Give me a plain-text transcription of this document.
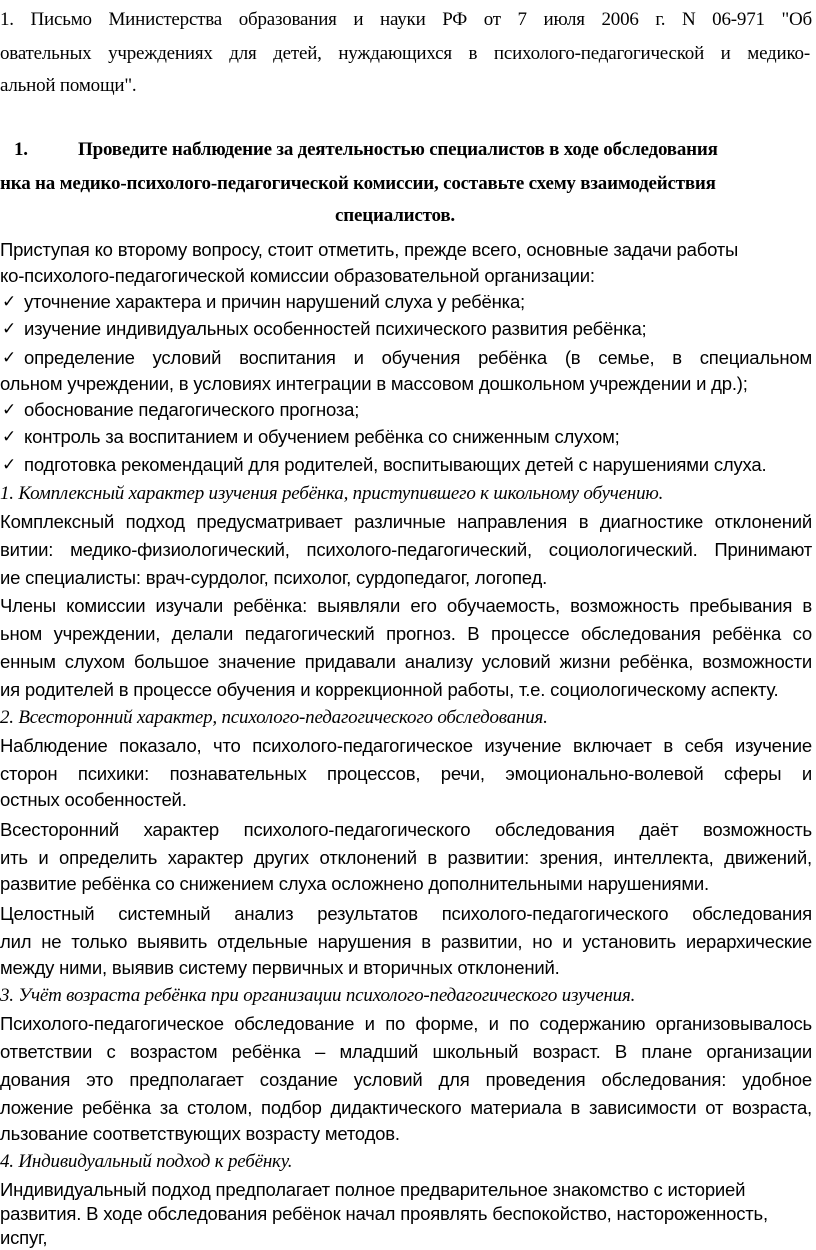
1. Письмо Министерства образования и науки РФ от 7 июля 2006 г. N 06-971 "Об
овательных учреждениях для детей, нуждающихся в психолого-педагогической и медико-
альной помощи".
1.	Проведите наблюдение за деятельностью специалистов в ходе обследования
нка на медико-психолого-педагогической комиссии, составьте схему взаимодействия
специалистов.
Приступая ко второму вопросу, стоит отметить, прежде всего, основные задачи работы
ко-психолого-педагогической комиссии образовательной организации:
✓ уточнение характера и причин нарушений слуха у ребёнка;
✓ изучение индивидуальных особенностей психического развития ребёнка;
✓ определение условий воспитания и обучения ребёнка (в семье, в специальном
ольном учреждении, в условиях интеграции в массовом дошкольном учреждении и др.);
✓ обоснование педагогического прогноза;
✓ контроль за воспитанием и обучением ребёнка со сниженным слухом;
✓ подготовка рекомендаций для родителей, воспитывающих детей с нарушениями слуха.
1. Комплексный характер изучения ребёнка, приступившего к школьному обучению.
Комплексный подход предусматривает различные направления в диагностике отклонений
витии: медико-физиологический, психолого-педагогический, социологический. Принимают
ие специалисты: врач-сурдолог, психолог, сурдопедагог, логопед.
Члены комиссии изучали ребёнка: выявляли его обучаемость, возможность пребывания в
ьном учреждении, делали педагогический прогноз. В процессе обследования ребёнка со
енным слухом большое значение придавали анализу условий жизни ребёнка, возможности
ия родителей в процессе обучения и коррекционной работы, т.е. социологическому аспекту.
2. Всесторонний характер, психолого-педагогического обследования.
Наблюдение показало, что психолого-педагогическое изучение включает в себя изучение
сторон психики: познавательных процессов, речи, эмоционально-волевой сферы и
остных особенностей.
Всесторонний характер психолого-педагогического обследования даёт возможность
ить и определить характер других отклонений в развитии: зрения, интеллекта, движений,
развитие ребёнка со снижением слуха осложнено дополнительными нарушениями.
Целостный системный анализ результатов психолого-педагогического обследования
лил не только выявить отдельные нарушения в развитии, но и установить иерархические
между ними, выявив систему первичных и вторичных отклонений.
3. Учёт возраста ребёнка при организации психолого-педагогического изучения.
Психолого-педагогическое обследование и по форме, и по содержанию организовывалось
ответствии с возрастом ребёнка – младший школьный возраст. В плане организации
дования это предполагает создание условий для проведения обследования: удобное
ложение ребёнка за столом, подбор дидактического материала в зависимости от возраста,
льзование соответствующих возрасту методов.
4. Индивидуальный подход к ребёнку.
Индивидуальный подход предполагает полное предварительное знакомство с историей
развития. В ходе обследования ребёнок начал проявлять беспокойство, настороженность,
испуг,
